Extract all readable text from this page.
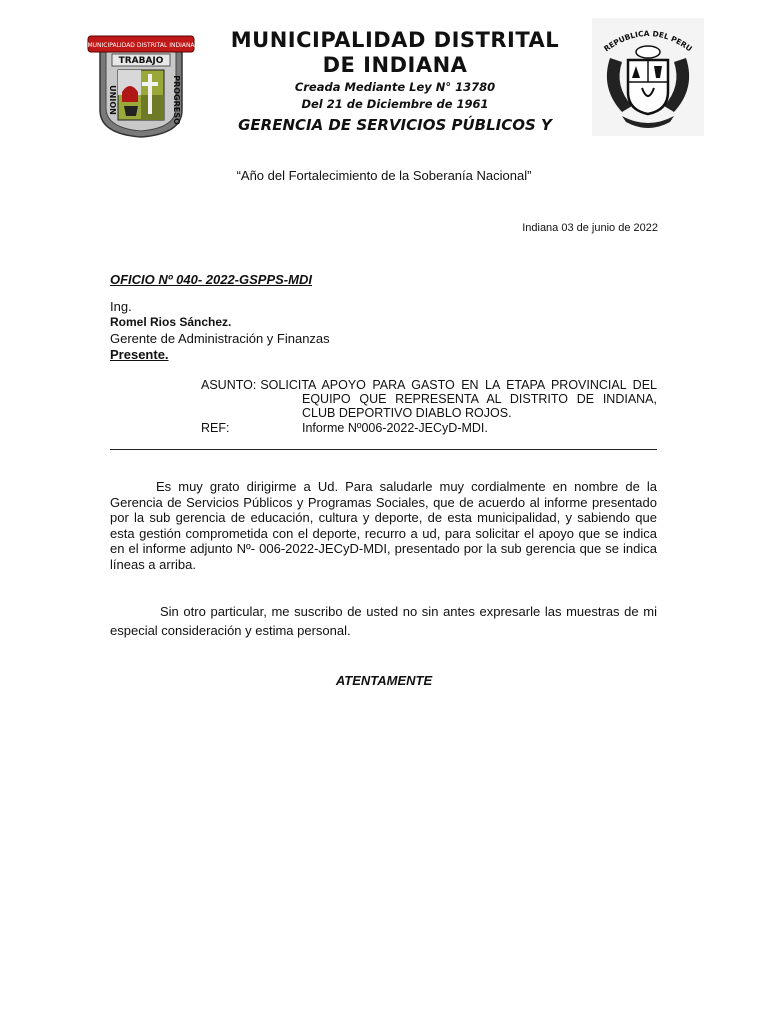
MUNICIPALIDAD DISTRITAL INDIANA
TRABAJO
UNION	PROGRESO
REPUBLICA DEL PERU
MUNICIPALIDAD DISTRITAL
DE INDIANA
Creada Mediante Ley N° 13780
Del 21 de Diciembre de 1961
GERENCIA DE SERVICIOS PÚBLICOS Y
“Año del Fortalecimiento de la Soberanía Nacional”
Indiana 03 de junio de 2022
OFICIO Nº 040- 2022-GSPPS-MDI
Ing.
Romel Rios Sánchez.
Gerente de Administración y Finanzas
Presente.
ASUNTO: SOLICITA APOYO PARA GASTO EN LA ETAPA PROVINCIAL DEL
EQUIPO QUE REPRESENTA AL DISTRITO DE INDIANA,
CLUB DEPORTIVO DIABLO ROJOS.
REF:	Informe Nº006-2022-JECyD-MDI.
Es muy grato dirigirme a Ud. Para saludarle muy cordialmente en nombre de la Gerencia de Servicios Públicos y Programas Sociales, que de acuerdo al informe presentado por la sub gerencia de educación, cultura y deporte, de esta municipalidad, y sabiendo que esta gestión comprometida con el deporte, recurro a ud, para solicitar el apoyo que se indica en el informe adjunto Nº- 006-2022-JECyD-MDI, presentado por la sub gerencia que se indica líneas a arriba.
Sin otro particular, me suscribo de usted no sin antes expresarle las muestras de mi especial consideración y estima personal.
ATENTAMENTE
